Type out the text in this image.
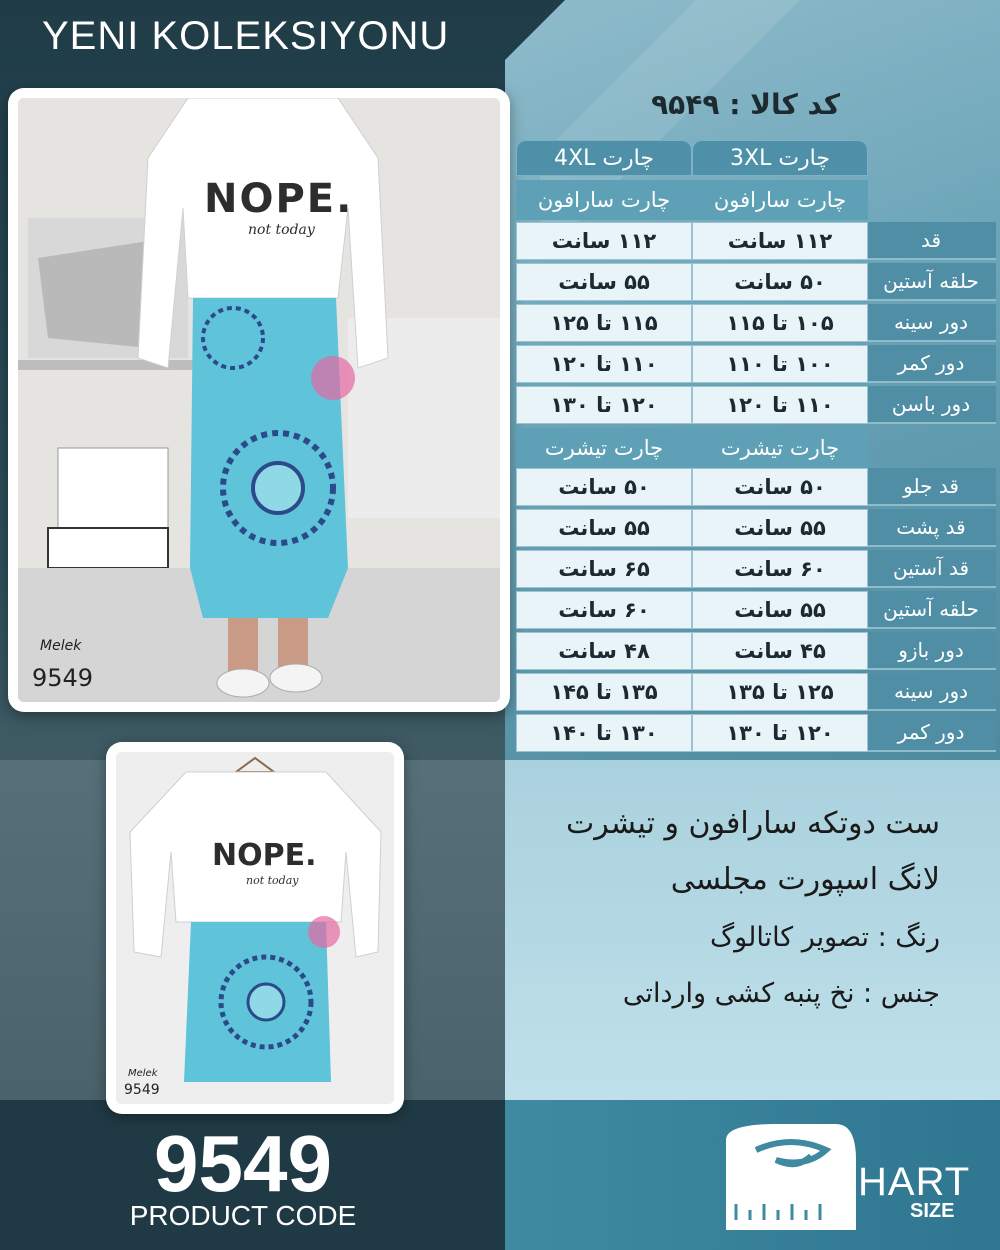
YENI KOLEKSIYONU
NOPE.
not today
Melek
9549
NOPE.
not today
Melek
9549
9549
PRODUCT CODE
کد کالا : ۹۵۴۹
چارت 3XL
چارت 4XL
چارت سارافون
چارت سارافون
قد
۱۱۲ سانت
۱۱۲ سانت
حلقه آستین
۵۰ سانت
۵۵ سانت
دور سینه
۱۰۵ تا ۱۱۵
۱۱۵ تا ۱۲۵
دور کمر
۱۰۰ تا ۱۱۰
۱۱۰ تا ۱۲۰
دور باسن
۱۱۰ تا ۱۲۰
۱۲۰ تا ۱۳۰
چارت تیشرت
چارت تیشرت
قد جلو
۵۰ سانت
۵۰ سانت
قد پشت
۵۵ سانت
۵۵ سانت
قد آستین
۶۰ سانت
۶۵ سانت
حلقه آستین
۵۵ سانت
۶۰ سانت
دور بازو
۴۵ سانت
۴۸ سانت
دور سینه
۱۲۵ تا ۱۳۵
۱۳۵ تا ۱۴۵
دور کمر
۱۲۰ تا ۱۳۰
۱۳۰ تا ۱۴۰
ست دوتکه سارافون و تیشرت
لانگ اسپورت مجلسی
رنگ : تصویر کاتالوگ
جنس : نخ پنبه کشی وارداتی
HART
SIZE
